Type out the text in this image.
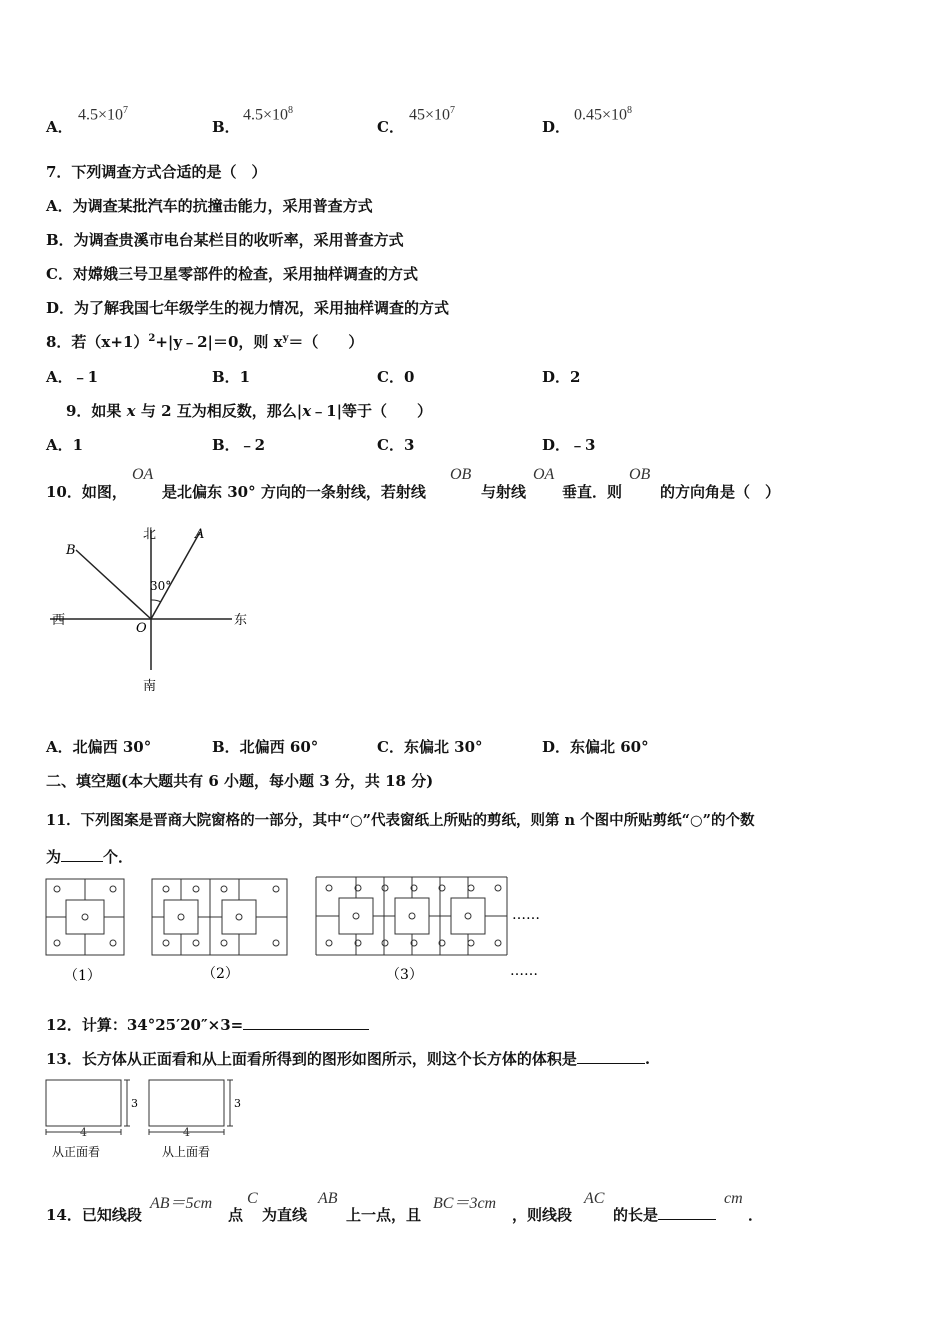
A．
$4.5\times 10^7$
B．
$4.5\times 10^8$
C．
$45\times 10^7$
D．
$0.45\times 10^8$
7．下列调查方式合适的是（　）
A．为调查某批汽车的抗撞击能力，采用普查方式
B．为调查贵溪市电台某栏目的收听率，采用普查方式
C．对嫦娥三号卫星零部件的检查，采用抽样调查的方式
D．为了解我国七年级学生的视力情况，采用抽样调查的方式
8．若$(x+1)^2+|y﹣2|=0$，则 $x^y=$（　　）
A．﹣1	B．1	C．0	D．2
9．如果 x 与 2 互为相反数，那么|x﹣1|等于（　　）
A．1	B．﹣2	C．3	D．﹣3
10．如图，
OA
是北偏东 30° 方向的一条射线，若射线
OB
与射线
OA
垂直．则
OB
的方向角是（　）
北
南
西	东
A
B
O
30°
A．北偏西 30°	B．北偏西 60°	C．东偏北 30°	D．东偏北 60°
二、填空题(本大题共有 6 小题，每小题 3 分，共 18 分)
11．下列图案是晋商大院窗格的一部分，其中“○”代表窗纸上所贴的剪纸，则第 n 个图中所贴剪纸“○”的个数
为	个．
……
……
（1）	（2）	（3）
12．计算：34°25′20″×3=
13．长方体从正面看和从上面看所得到的图形如图所示，则这个长方体的体积是	.
3
4
3
4
从正面看	从上面看
14．已知线段
AB＝5cm
点
C
为直线
AB
上一点，且
BC＝3cm
，则线段
AC
的长是
cm
．
